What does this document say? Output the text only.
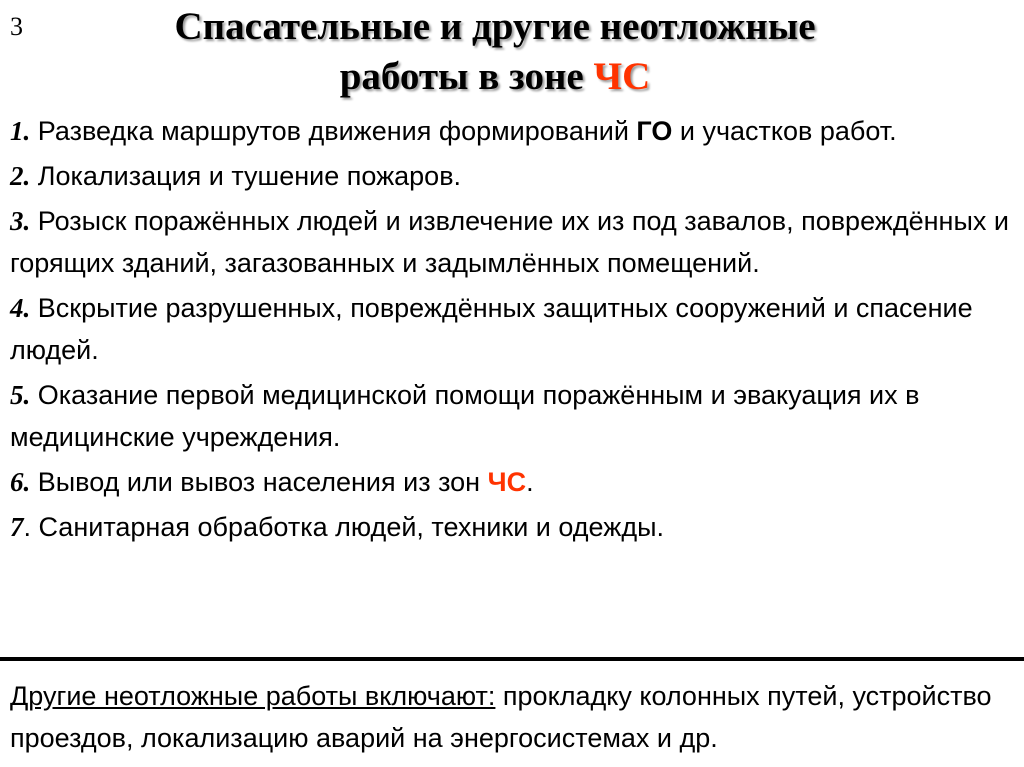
3	Спасательные и другие неотложные
работы в зоне ЧС
1. Разведка маршрутов движения формирований ГО и участков работ.
2. Локализация и тушение пожаров.
3. Розыск поражённых людей и извлечение их из под завалов, повреждённых и горящих зданий, загазованных и задымлённых помещений.
4. Вскрытие разрушенных, повреждённых защитных сооружений и спасение людей.
5. Оказание первой медицинской помощи поражённым и эвакуация их в медицинские учреждения.
6. Вывод или вывоз населения из зон ЧС.
7. Санитарная обработка людей, техники и одежды.
Другие неотложные работы включают: прокладку колонных путей, устройство проездов, локализацию аварий на энергосистемах и др.
